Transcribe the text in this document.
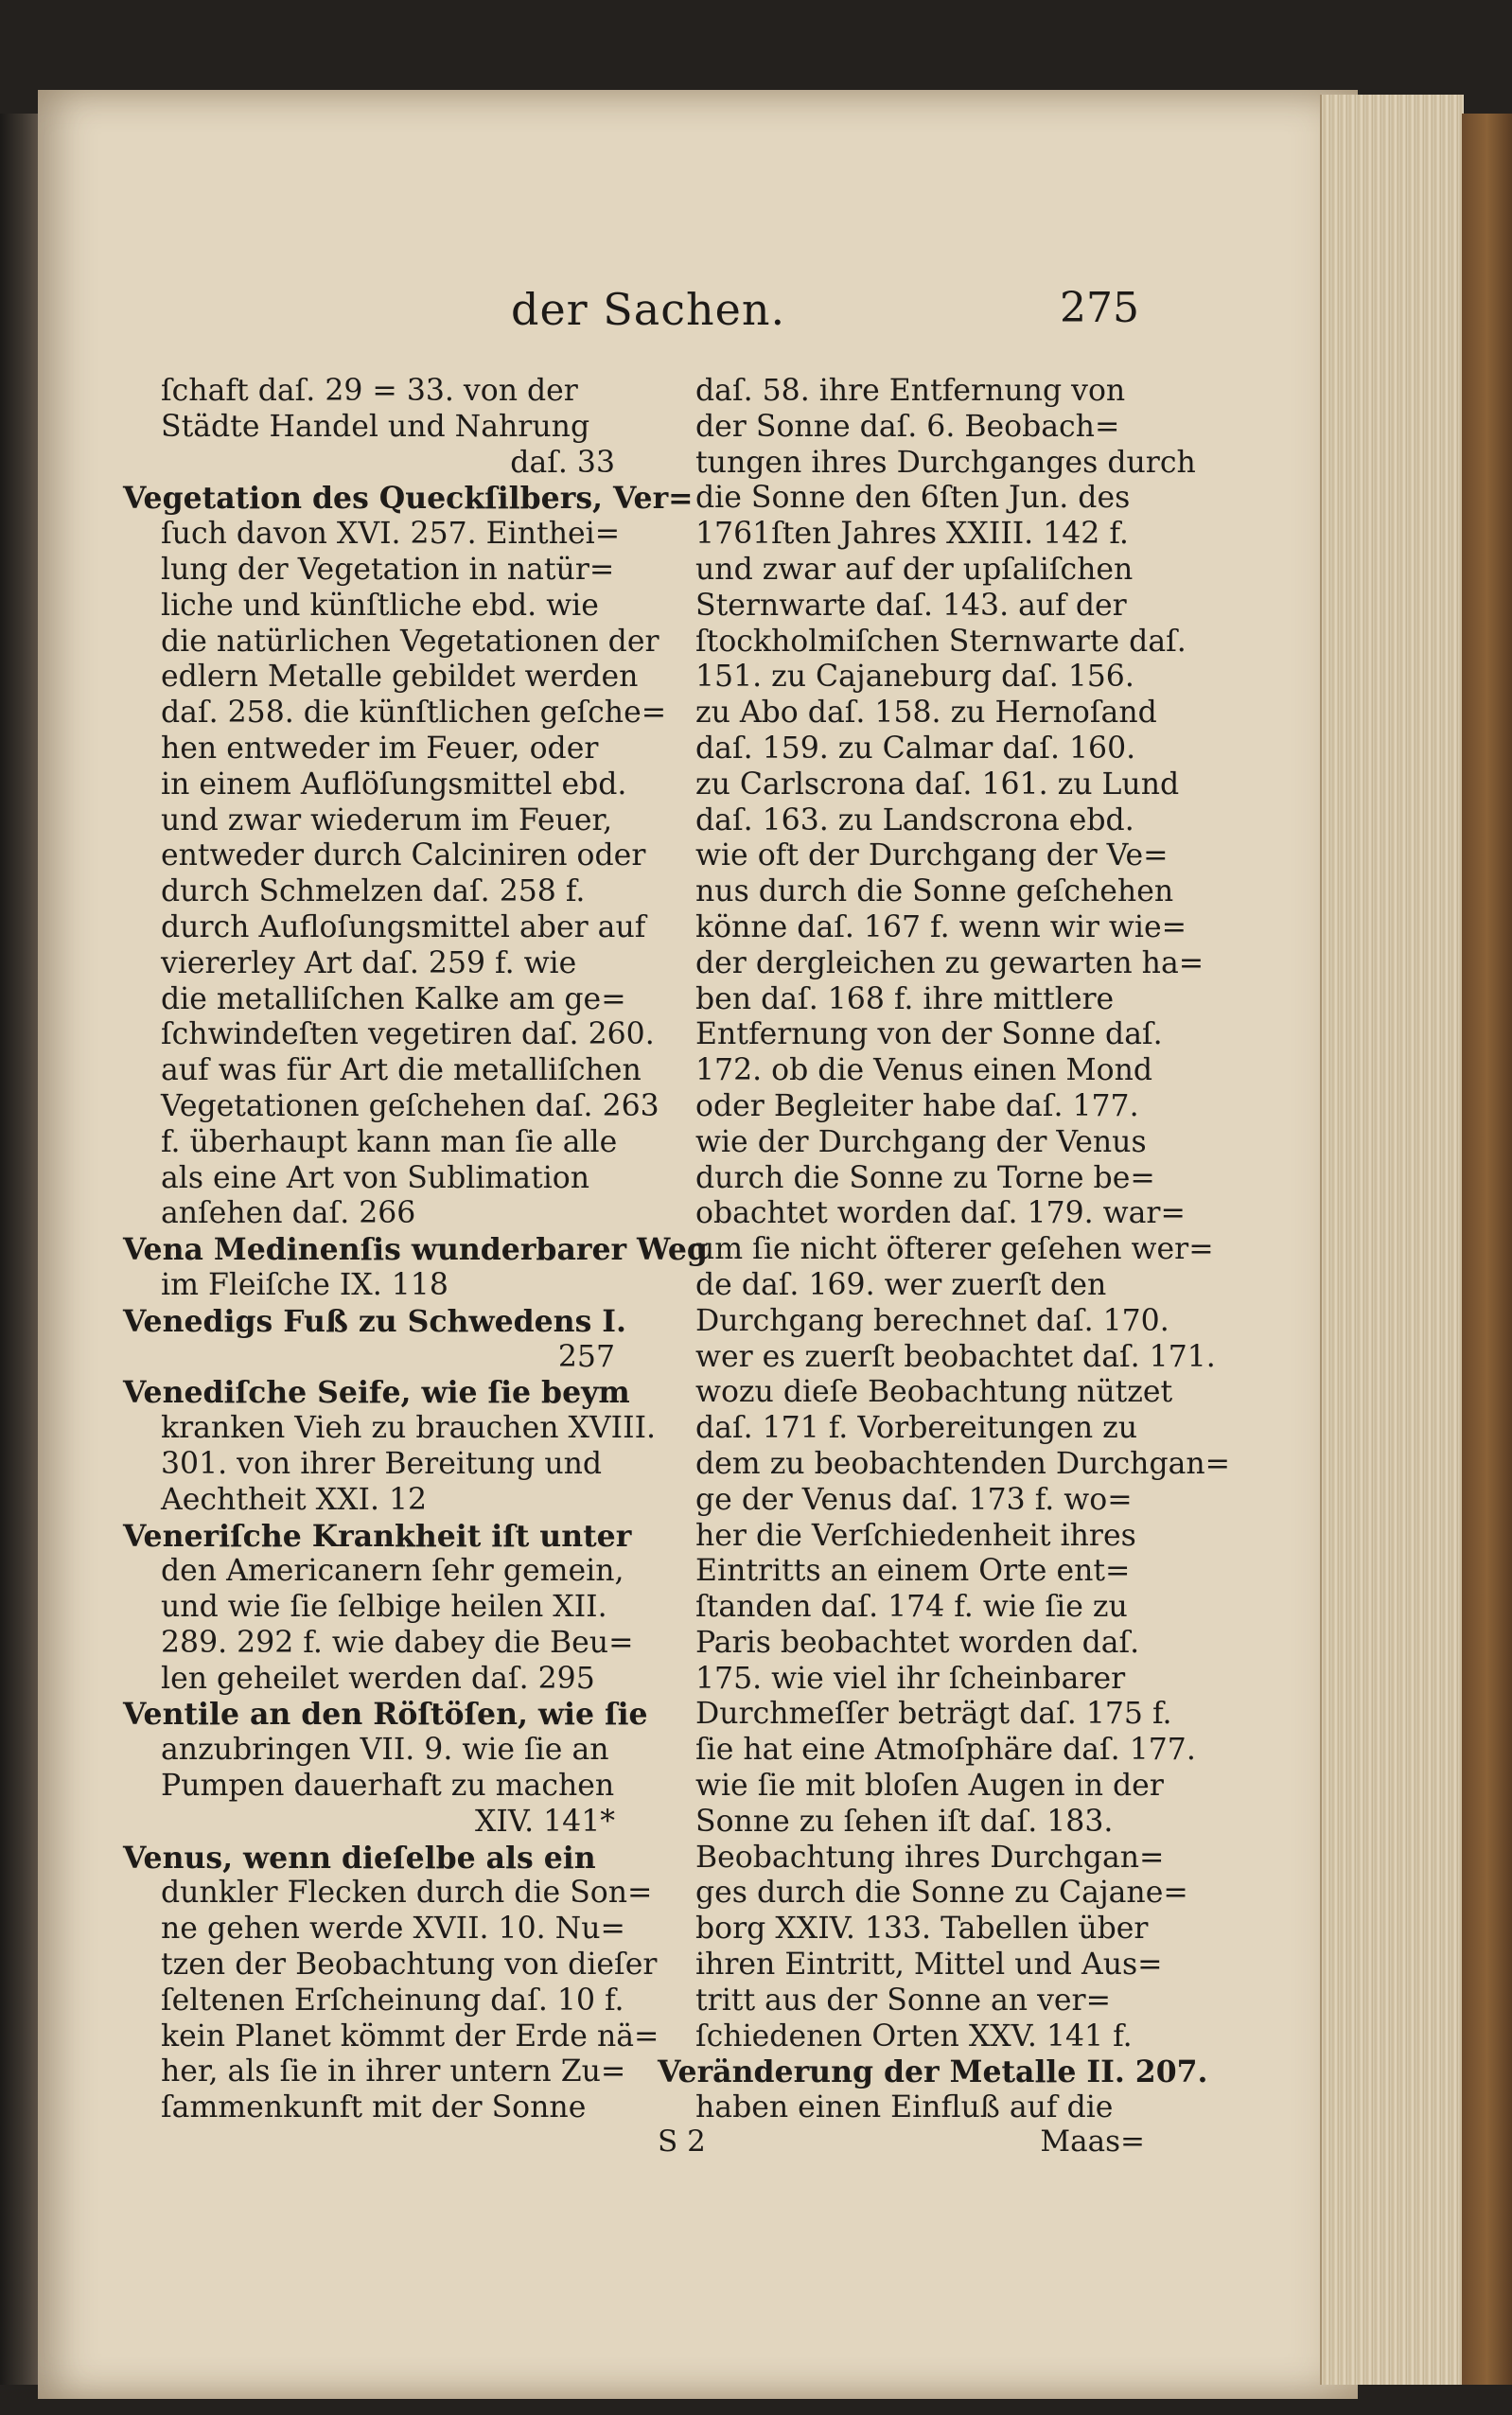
der Sachen.	275
ſchaft daſ. 29 = 33. von der
Städte Handel und Nahrung
daſ. 33
Vegetation des Queckſilbers, Ver=
ſuch davon XVI. 257. Einthei=
lung der Vegetation in natür=
liche und künſtliche ebd. wie
die natürlichen Vegetationen der
edlern Metalle gebildet werden
daſ. 258. die künſtlichen geſche=
hen entweder im Feuer, oder
in einem Auflöſungsmittel ebd.
und zwar wiederum im Feuer,
entweder durch Calciniren oder
durch Schmelzen daſ. 258 f.
durch Aufloſungsmittel aber auf
viererley Art daſ. 259 f. wie
die metalliſchen Kalke am ge=
ſchwindeſten vegetiren daſ. 260.
auf was für Art die metalliſchen
Vegetationen geſchehen daſ. 263
f. überhaupt kann man ſie alle
als eine Art von Sublimation
anſehen daſ. 266
Vena Medinenſis wunderbarer Weg
im Fleiſche IX. 118
Venedigs Fuß zu Schwedens I.
257
Venediſche Seife, wie ſie beym
kranken Vieh zu brauchen XVIII.
301. von ihrer Bereitung und
Aechtheit XXI. 12
Veneriſche Krankheit iſt unter
den Americanern ſehr gemein,
und wie ſie ſelbige heilen XII.
289. 292 f. wie dabey die Beu=
len geheilet werden daſ. 295
Ventile an den Röſtöſen, wie ſie
anzubringen VII. 9. wie ſie an
Pumpen dauerhaft zu machen
XIV. 141*
Venus, wenn dieſelbe als ein
dunkler Flecken durch die Son=
ne gehen werde XVII. 10. Nu=
tzen der Beobachtung von dieſer
ſeltenen Erſcheinung daſ. 10 f.
kein Planet kömmt der Erde nä=
her, als ſie in ihrer untern Zu=
ſammenkunft mit der Sonne
daſ. 58. ihre Entfernung von
der Sonne daſ. 6. Beobach=
tungen ihres Durchganges durch
die Sonne den 6ſten Jun. des
1761ſten Jahres XXIII. 142 f.
und zwar auf der upſaliſchen
Sternwarte daſ. 143. auf der
ſtockholmiſchen Sternwarte daſ.
151. zu Cajaneburg daſ. 156.
zu Abo daſ. 158. zu Hernoſand
daſ. 159. zu Calmar daſ. 160.
zu Carlscrona daſ. 161. zu Lund
daſ. 163. zu Landscrona ebd.
wie oft der Durchgang der Ve=
nus durch die Sonne geſchehen
könne daſ. 167 f. wenn wir wie=
der dergleichen zu gewarten ha=
ben daſ. 168 f. ihre mittlere
Entfernung von der Sonne daſ.
172. ob die Venus einen Mond
oder Begleiter habe daſ. 177.
wie der Durchgang der Venus
durch die Sonne zu Torne be=
obachtet worden daſ. 179. war=
um ſie nicht öfterer geſehen wer=
de daſ. 169. wer zuerſt den
Durchgang berechnet daſ. 170.
wer es zuerſt beobachtet daſ. 171.
wozu dieſe Beobachtung nützet
daſ. 171 f. Vorbereitungen zu
dem zu beobachtenden Durchgan=
ge der Venus daſ. 173 f. wo=
her die Verſchiedenheit ihres
Eintritts an einem Orte ent=
ſtanden daſ. 174 f. wie ſie zu
Paris beobachtet worden daſ.
175. wie viel ihr ſcheinbarer
Durchmeſſer beträgt daſ. 175 f.
ſie hat eine Atmoſphäre daſ. 177.
wie ſie mit bloſen Augen in der
Sonne zu ſehen iſt daſ. 183.
Beobachtung ihres Durchgan=
ges durch die Sonne zu Cajane=
borg XXIV. 133. Tabellen über
ihren Eintritt, Mittel und Aus=
tritt aus der Sonne an ver=
ſchiedenen Orten XXV. 141 f.
Veränderung der Metalle II. 207.
haben einen Einfluß auf die
S 2	Maas=
